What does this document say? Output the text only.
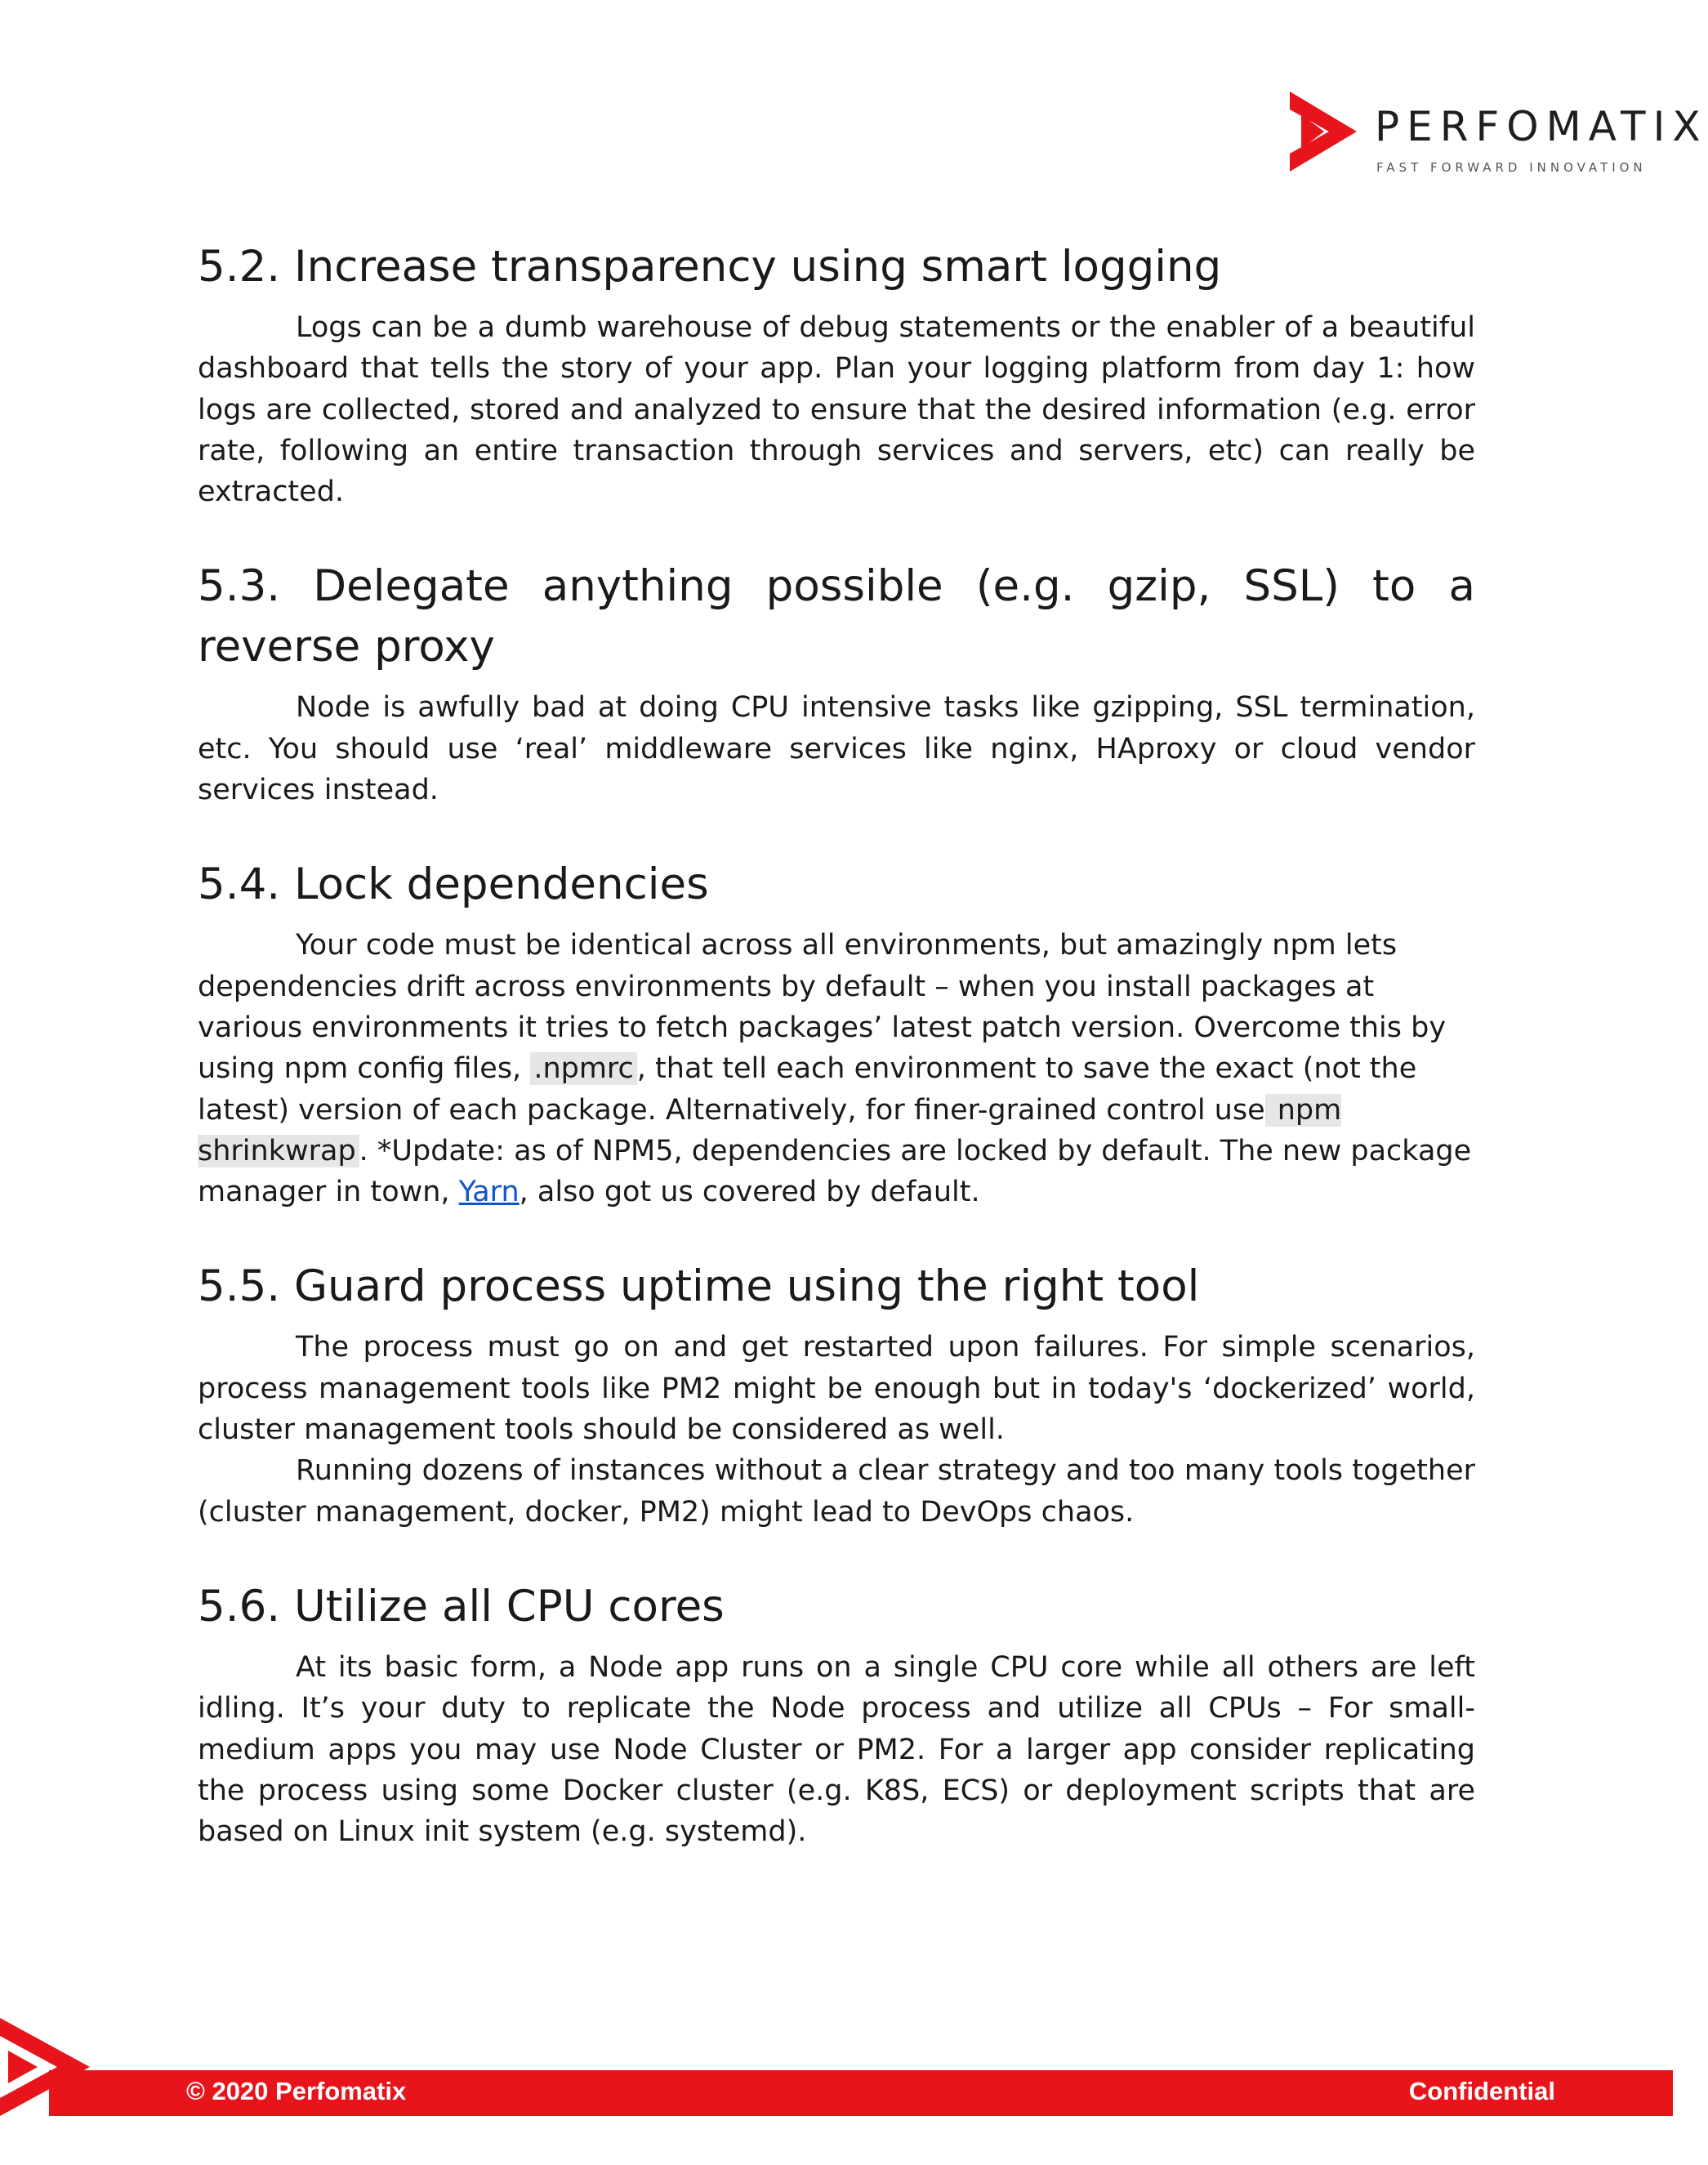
PERFOMATIX
FAST FORWARD INNOVATION
5.2. Increase transparency using smart logging

Logs can be a dumb warehouse of debug statements or the enabler of a beautiful dashboard that tells the story of your app. Plan your logging platform from day 1: how logs are collected, stored and analyzed to ensure that the desired information (e.g. error rate, following an entire transaction through services and servers, etc) can really be extracted.

5.3. Delegate anything possible (e.g. gzip, SSL) to a reverse proxy

Node is awfully bad at doing CPU intensive tasks like gzipping, SSL termination, etc. You should use ‘real’ middleware services like nginx, HAproxy or cloud vendor services instead.

5.4. Lock dependencies

Your code must be identical across all environments, but amazingly npm lets dependencies drift across environments by default – when you install packages at various environments it tries to fetch packages’ latest patch version. Overcome this by using npm config files, .npmrc , that tell each environment to save the exact (not the latest) version of each package. Alternatively, for finer-grained control use npm shrinkwrap . *Update: as of NPM5, dependencies are locked by default. The new package manager in town, Yarn, also got us covered by default.

5.5. Guard process uptime using the right tool

The process must go on and get restarted upon failures. For simple scenarios, process management tools like PM2 might be enough but in today's ‘dockerized’ world, cluster management tools should be considered as well.

Running dozens of instances without a clear strategy and too many tools together (cluster management, docker, PM2) might lead to DevOps chaos.

5.6. Utilize all CPU cores

At its basic form, a Node app runs on a single CPU core while all others are left idling. It’s your duty to replicate the Node process and utilize all CPUs – For small-medium apps you may use Node Cluster or PM2. For a larger app consider replicating the process using some Docker cluster (e.g. K8S, ECS) or deployment scripts that are based on Linux init system (e.g. systemd).

© 2020 Perfomatix	Confidential
